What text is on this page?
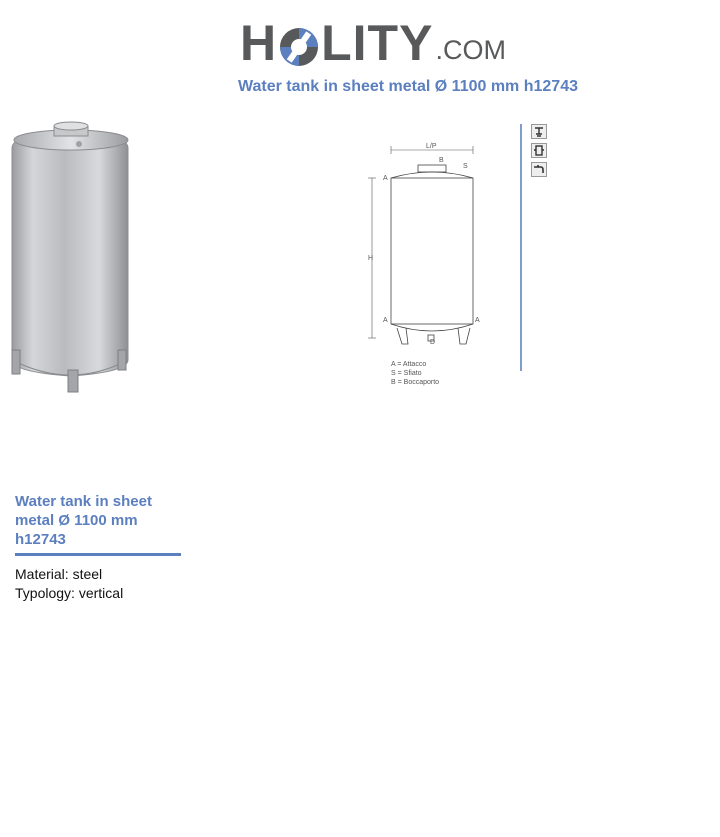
H LITY .COM
Water tank in sheet metal Ø 1100 mm h12743
L/P
H
B
S
A
A	A
D
A = Attacco
S = Sfiato
B = Boccaporto
Water tank in sheet metal Ø 1100 mm h12743
Material: steel
Typology: vertical
